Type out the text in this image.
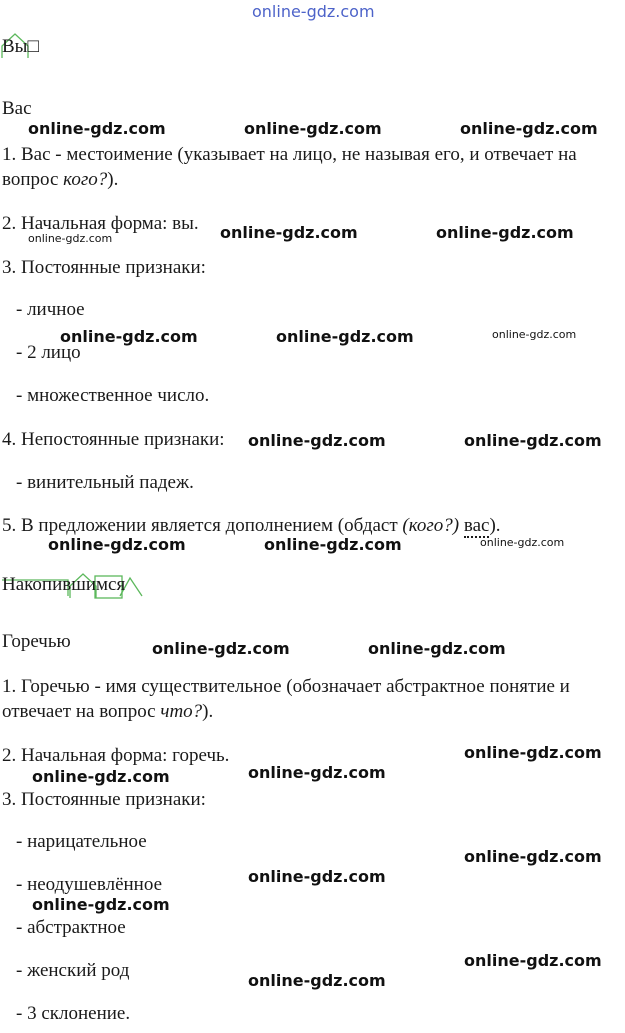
Вы□
Вас
1. Вас - местоимение (указывает на лицо, не называя его, и отвечает на вопрос кого?).
2. Начальная форма: вы.
3. Постоянные признаки:
- личное
- 2 лицо
- множественное число.
4. Непостоянные признаки:
- винительный падеж.
5. В предложении является дополнением (обдаст (кого?) вас).
Накопившимся
Горечью
1. Горечью - имя существительное (обозначает абстрактное понятие и отвечает на вопрос что?).
2. Начальная форма: горечь.
3. Постоянные признаки:
- нарицательное
- неодушевлённое
- абстрактное
- женский род
- 3 склонение.
online-gdz.com
online-gdz.com	online-gdz.com	online-gdz.com
online-gdz.com	online-gdz.com	online-gdz.com
online-gdz.com	online-gdz.com	online-gdz.com
online-gdz.com	online-gdz.com
online-gdz.com	online-gdz.com	online-gdz.com
online-gdz.com	online-gdz.com
online-gdz.com
online-gdz.com	online-gdz.com
online-gdz.com
online-gdz.com
online-gdz.com
online-gdz.com
online-gdz.com
